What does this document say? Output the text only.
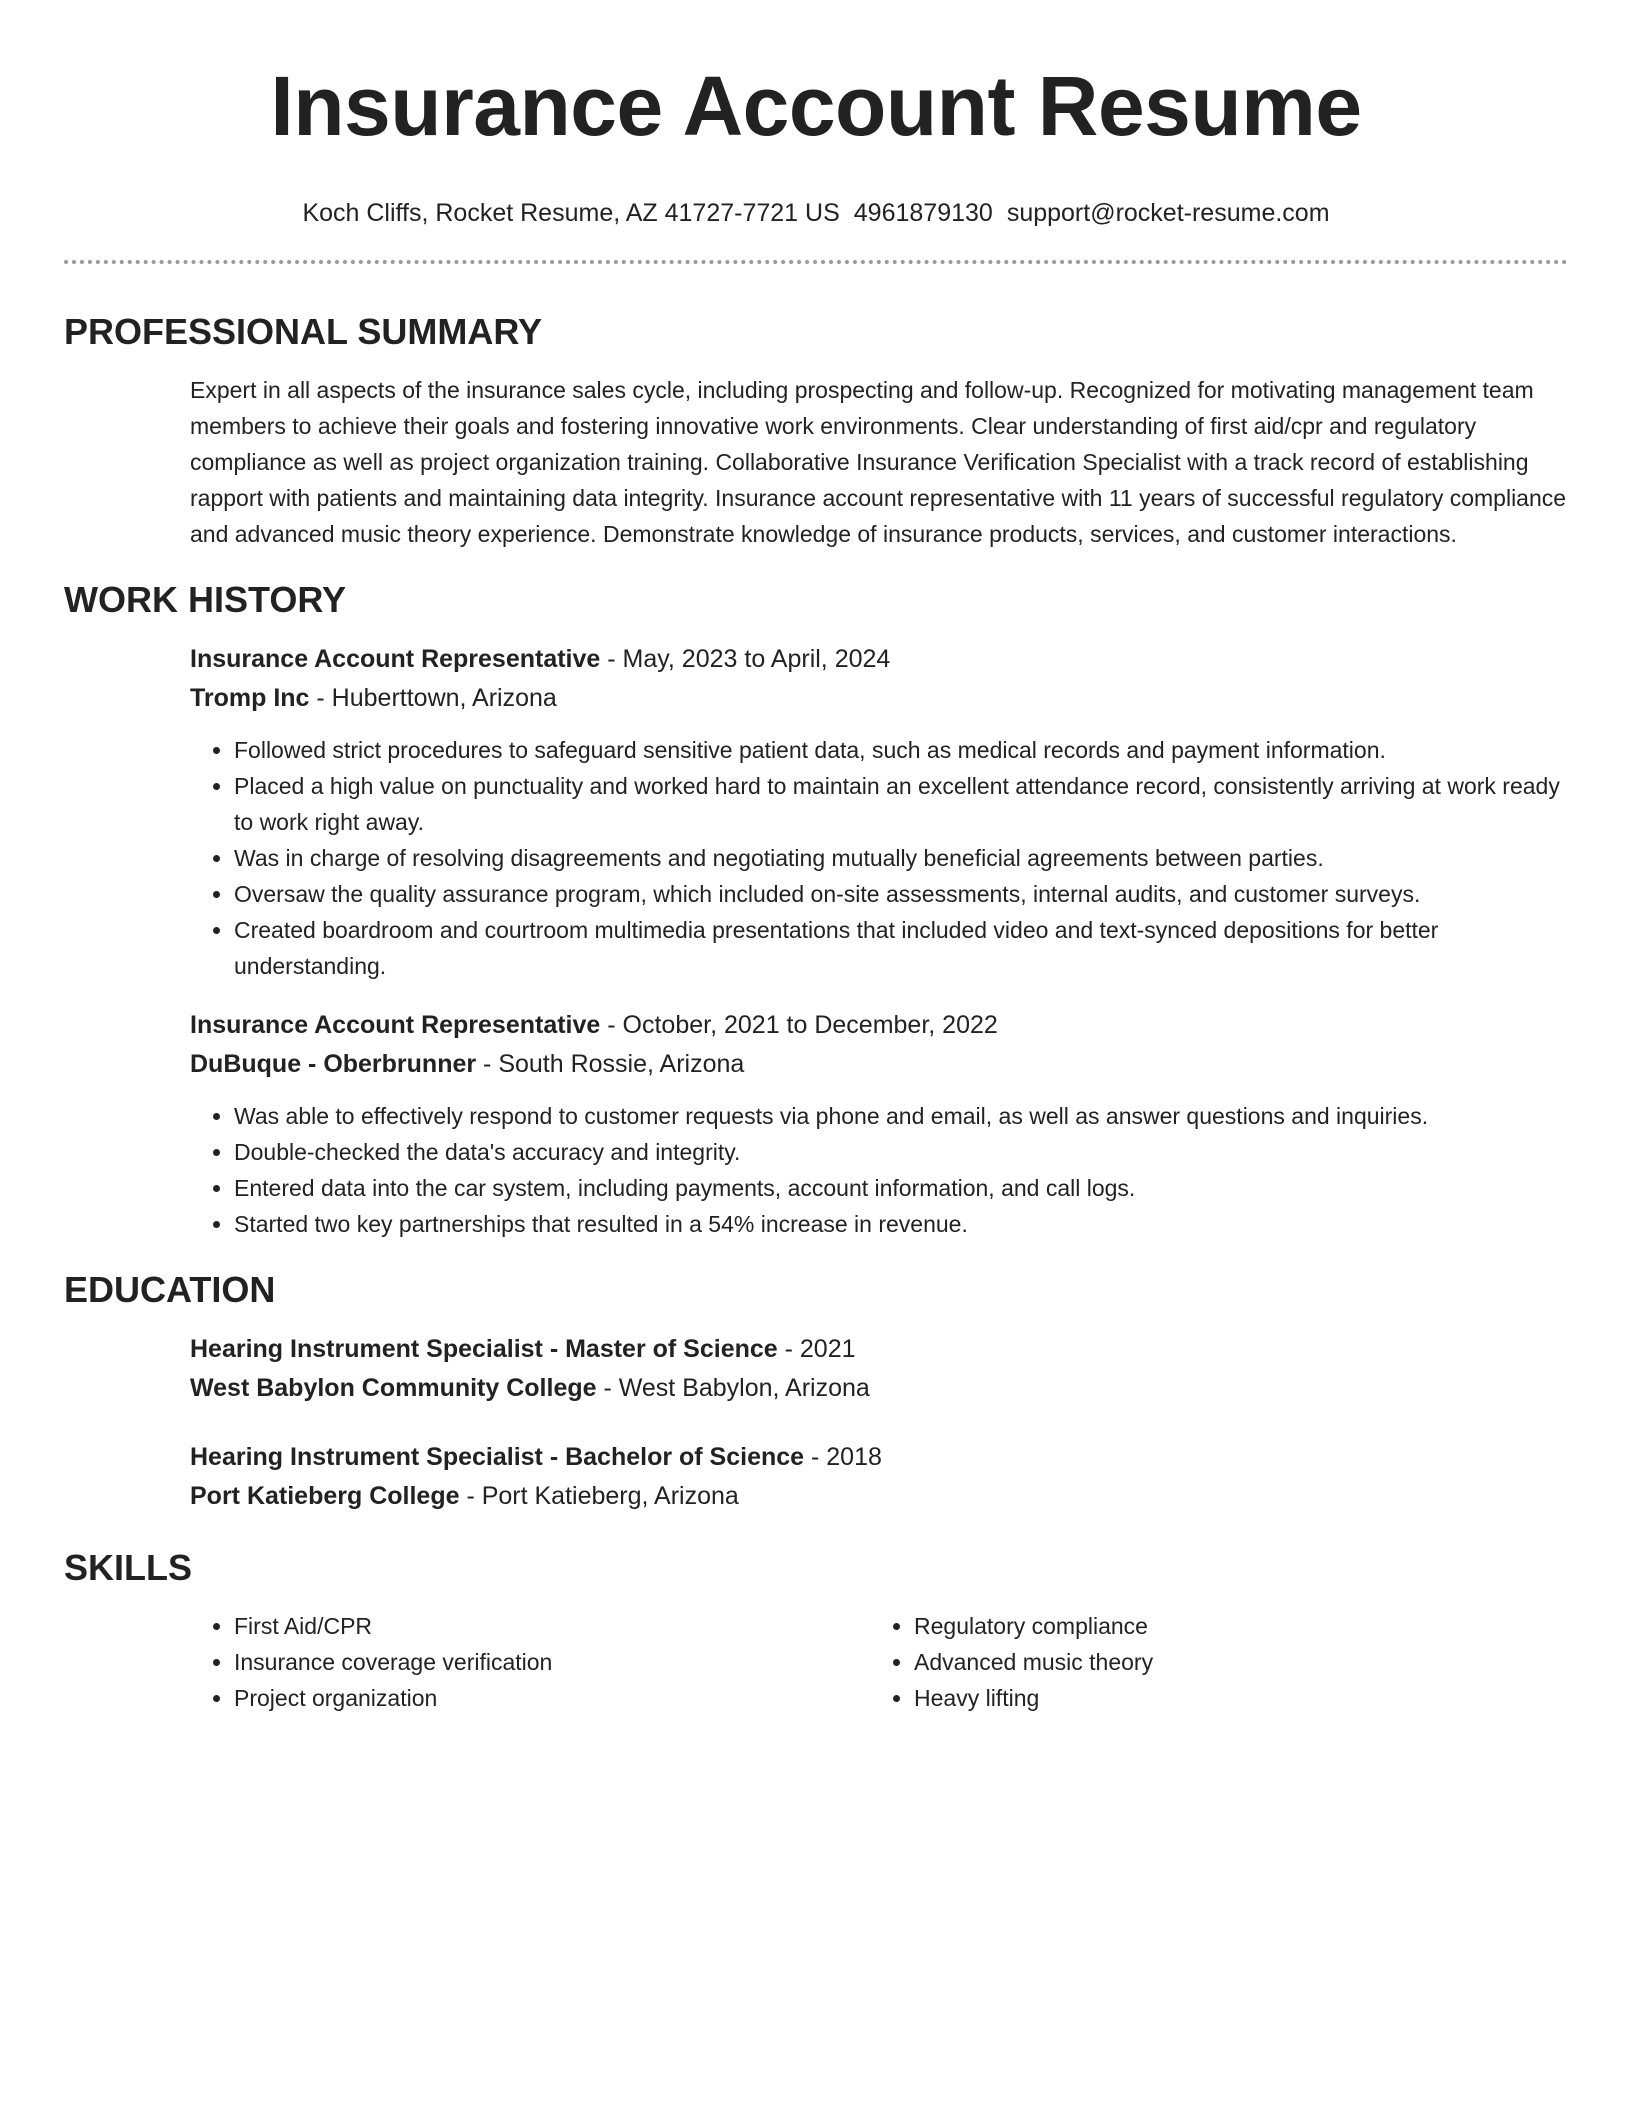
Insurance Account Resume
Koch Cliffs, Rocket Resume, AZ 41727-7721 US 4961879130 support@rocket-resume.com
PROFESSIONAL SUMMARY

Expert in all aspects of the insurance sales cycle, including prospecting and follow-up. Recognized for motivating management team members to achieve their goals and fostering innovative work environments. Clear understanding of first aid/cpr and regulatory compliance as well as project organization training. Collaborative Insurance Verification Specialist with a track record of establishing rapport with patients and maintaining data integrity. Insurance account representative with 11 years of successful regulatory compliance and advanced music theory experience. Demonstrate knowledge of insurance products, services, and customer interactions.

WORK HISTORY

Insurance Account Representative - May, 2023 to April, 2024

Tromp Inc - Huberttown, Arizona

• Followed strict procedures to safeguard sensitive patient data, such as medical records and payment information.
• Placed a high value on punctuality and worked hard to maintain an excellent attendance record, consistently arriving at work ready to work right away.
• Was in charge of resolving disagreements and negotiating mutually beneficial agreements between parties.
• Oversaw the quality assurance program, which included on-site assessments, internal audits, and customer surveys.
• Created boardroom and courtroom multimedia presentations that included video and text-synced depositions for better understanding.

Insurance Account Representative - October, 2021 to December, 2022

DuBuque - Oberbrunner - South Rossie, Arizona

• Was able to effectively respond to customer requests via phone and email, as well as answer questions and inquiries.
• Double-checked the data's accuracy and integrity.
• Entered data into the car system, including payments, account information, and call logs.
• Started two key partnerships that resulted in a 54% increase in revenue.
EDUCATION

Hearing Instrument Specialist - Master of Science - 2021

West Babylon Community College - West Babylon, Arizona

Hearing Instrument Specialist - Bachelor of Science - 2018

Port Katieberg College - Port Katieberg, Arizona

SKILLS
• First Aid/CPR
• Insurance coverage verification
• Project organization
• Regulatory compliance
• Advanced music theory
• Heavy lifting
